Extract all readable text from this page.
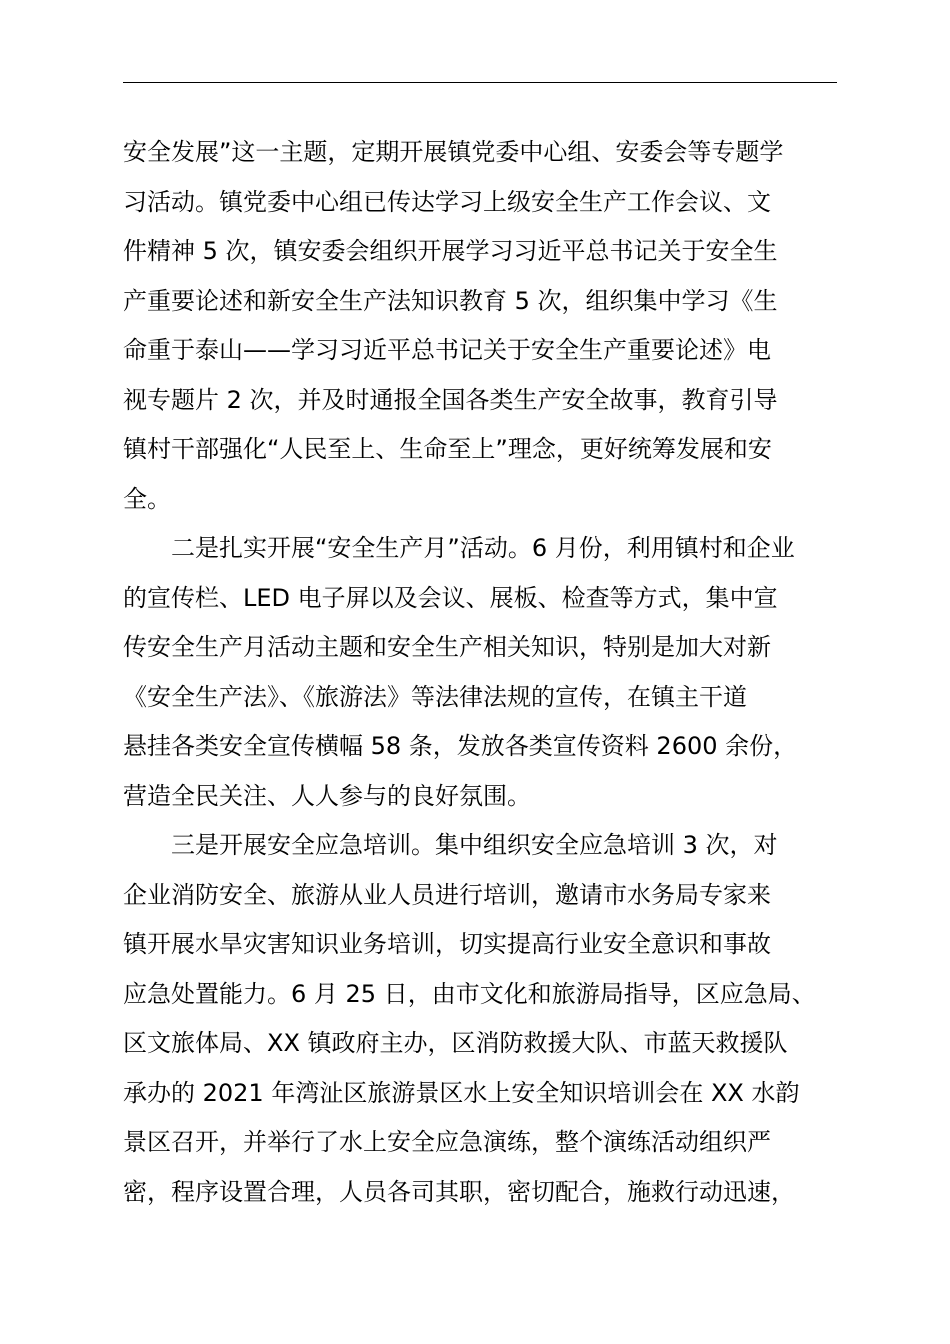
安全发展”这一主题，定期开展镇党委中心组、安委会等专题学
习活动。镇党委中心组已传达学习上级安全生产工作会议、文
件精神 5 次，镇安委会组织开展学习习近平总书记关于安全生
产重要论述和新安全生产法知识教育 5 次，组织集中学习《生
命重于泰山——学习习近平总书记关于安全生产重要论述》电
视专题片 2 次，并及时通报全国各类生产安全故事，教育引导
镇村干部强化“人民至上、生命至上”理念，更好统筹发展和安
全。
二是扎实开展“安全生产月”活动。6 月份，利用镇村和企业
的宣传栏、LED 电子屏以及会议、展板、检查等方式，集中宣
传安全生产月活动主题和安全生产相关知识，特别是加大对新
《安全生产法》、《旅游法》等法律法规的宣传，在镇主干道
悬挂各类安全宣传横幅 58 条，发放各类宣传资料 2600 余份，
营造全民关注、人人参与的良好氛围。
三是开展安全应急培训。集中组织安全应急培训 3 次，对
企业消防安全、旅游从业人员进行培训，邀请市水务局专家来
镇开展水旱灾害知识业务培训，切实提高行业安全意识和事故
应急处置能力。6 月 25 日，由市文化和旅游局指导，区应急局、
区文旅体局、XX 镇政府主办，区消防救援大队、市蓝天救援队
承办的 2021 年湾沚区旅游景区水上安全知识培训会在 XX 水韵
景区召开，并举行了水上安全应急演练，整个演练活动组织严
密，程序设置合理，人员各司其职，密切配合，施救行动迅速，
